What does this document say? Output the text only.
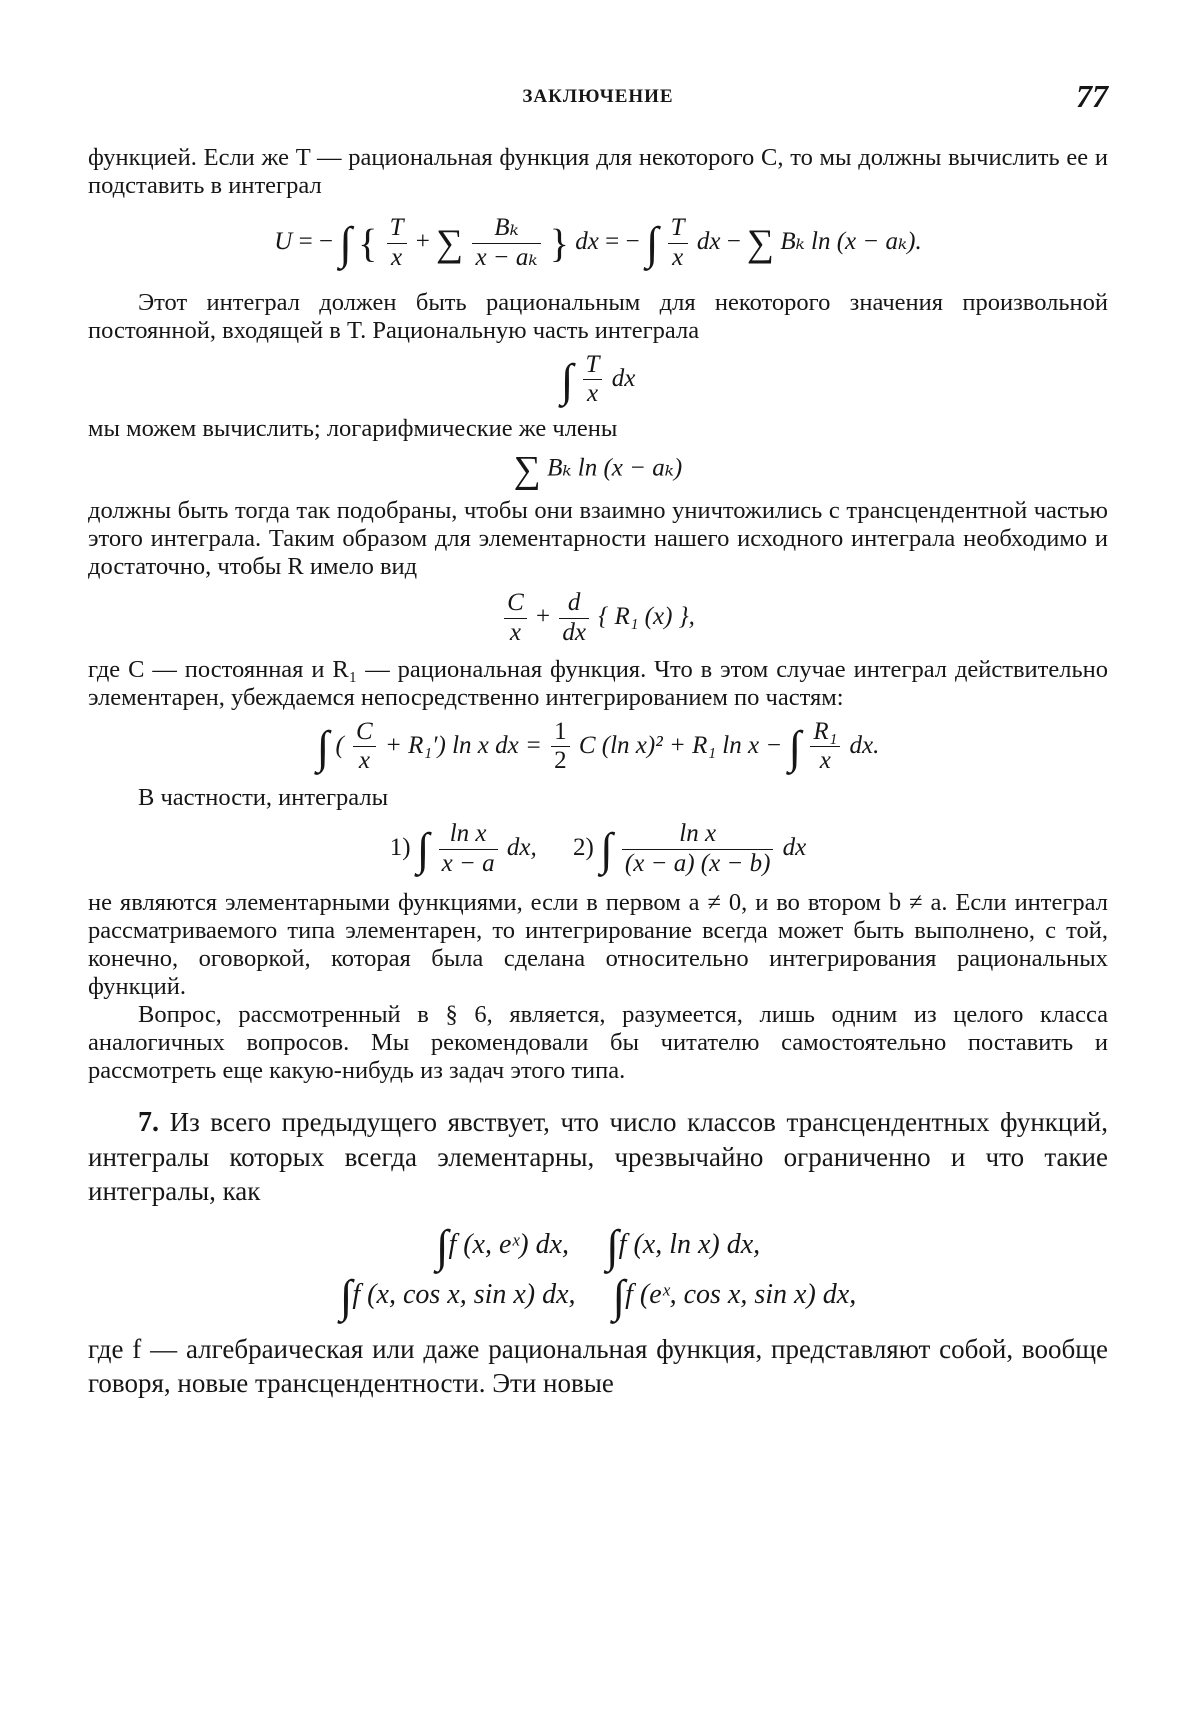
ЗАКЛЮЧЕНИЕ	77

функцией. Если же T — рациональная функция для некоторого C, то мы должны вычислить ее и подставить в интеграл

U = − ∫ { $\frac{T}{x}$ + ∑ $\frac{\text{Bₖ}}{\text{x − aₖ}}$ } dx = − ∫ $\frac{T}{x}$ dx − ∑ Bₖ ln (x − aₖ).

Этот интеграл должен быть рациональным для некоторого значения произвольной постоянной, входящей в T. Рациональную часть интеграла

∫ $\frac{T}{x}$ dx

мы можем вычислить; логарифмические же члены

∑ Bₖ ln (x − aₖ)

должны быть тогда так подобраны, чтобы они взаимно уничтожились с трансцендентной частью этого интеграла. Таким образом для элементарности нашего исходного интеграла необходимо и достаточно, чтобы R имело вид

$\frac{C}{x} + \frac{d}{dx}$ { R₁ (x) },

где C — постоянная и R₁ — рациональная функция. Что в этом случае интеграл действительно элементарен, убеждаемся непосредственно интегрированием по частям:

∫ ( $\frac{C}{x} + R_1'$) ln x dx = $\frac{1}{2}$ C (ln x)² + R₁ ln x − ∫ $\frac{\text{R₁}}{x}$ dx.

В частности, интегралы

1) ∫ $\frac{\text{ln x}}{x - a}$ dx, 2) ∫ $\frac{\text{ln x}}{(x - a) (x - b)}$ dx

не являются элементарными функциями, если в первом a ≠ 0, и во втором b ≠ a. Если интеграл рассматриваемого типа элементарен, то интегрирование всегда может быть выполнено, с той, конечно, оговоркой, которая была сделана относительно интегрирования рациональных функций.

Вопрос, рассмотренный в § 6, является, разумеется, лишь одним из целого класса аналогичных вопросов. Мы рекомендовали бы читателю самостоятельно поставить и рассмотреть еще какую-нибудь из задач этого типа.

7. Из всего предыдущего явствует, что число классов трансцендентных функций, интегралы которых всегда элементарны, чрезвычайно ограниченно и что такие интегралы, как

∫f (x, eˣ) dx, ∫f (x, ln x) dx,
∫f (x, cos x, sin x) dx, ∫f (eˣ, cos x, sin x) dx,

где f — алгебраическая или даже рациональная функция, представляют собой, вообще говоря, новые трансцендентности. Эти новые
